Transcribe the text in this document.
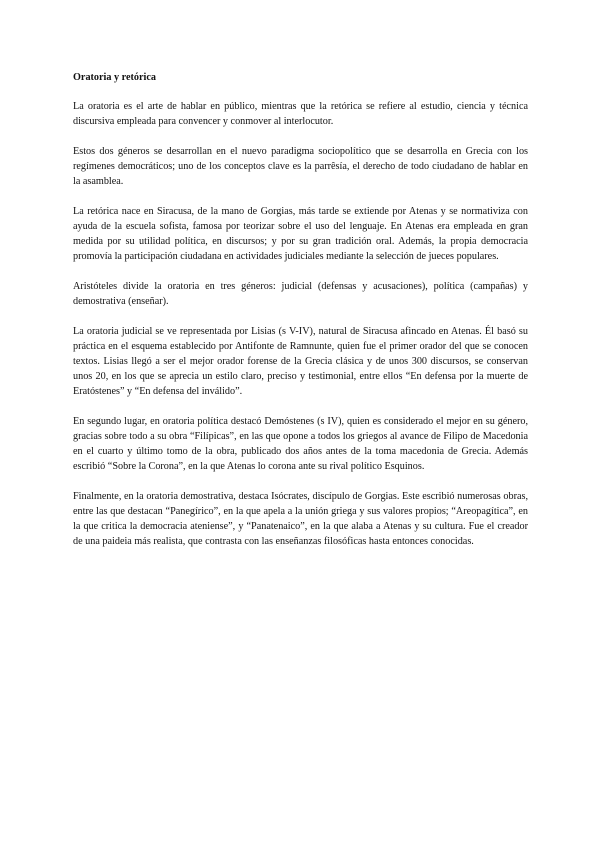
Oratoria y retórica

La oratoria es el arte de hablar en público, mientras que la retórica se refiere al estudio, ciencia y técnica discursiva empleada para convencer y conmover al interlocutor.

Estos dos géneros se desarrollan en el nuevo paradigma sociopolítico que se desarrolla en Grecia con los regímenes democráticos; uno de los conceptos clave es la parrêsía, el derecho de todo ciudadano de hablar en la asamblea.

La retórica nace en Siracusa, de la mano de Gorgias, más tarde se extiende por Atenas y se normativiza con ayuda de la escuela sofista, famosa por teorizar sobre el uso del lenguaje. En Atenas era empleada en gran medida por su utilidad política, en discursos; y por su gran tradición oral. Además, la propia democracia promovía la participación ciudadana en actividades judiciales mediante la selección de jueces populares.

Aristóteles divide la oratoria en tres géneros: judicial (defensas y acusaciones), política (campañas) y demostrativa (enseñar).

La oratoria judicial se ve representada por Lisias (s V-IV), natural de Siracusa afincado en Atenas. Él basó su práctica en el esquema establecido por Antifonte de Ramnunte, quien fue el primer orador del que se conocen textos. Lisias llegó a ser el mejor orador forense de la Grecia clásica y de unos 300 discursos, se conservan unos 20, en los que se aprecia un estilo claro, preciso y testimonial, entre ellos “En defensa por la muerte de Eratóstenes” y “En defensa del inválido”.

En segundo lugar, en oratoria política destacó Demóstenes (s IV), quien es considerado el mejor en su género, gracias sobre todo a su obra “Filípicas”, en las que opone a todos los griegos al avance de Filipo de Macedonia en el cuarto y último tomo de la obra, publicado dos años antes de la toma macedonia de Grecia. Además escribió “Sobre la Corona”, en la que Atenas lo corona ante su rival político Esquinos.

Finalmente, en la oratoria demostrativa, destaca Isócrates, discípulo de Gorgias. Este escribió numerosas obras, entre las que destacan “Panegírico”, en la que apela a la unión griega y sus valores propios; “Areopagítica”, en la que critica la democracia ateniense”, y “Panatenaico”, en la que alaba a Atenas y su cultura. Fue el creador de una paideia más realista, que contrasta con las enseñanzas filosóficas hasta entonces conocidas.
